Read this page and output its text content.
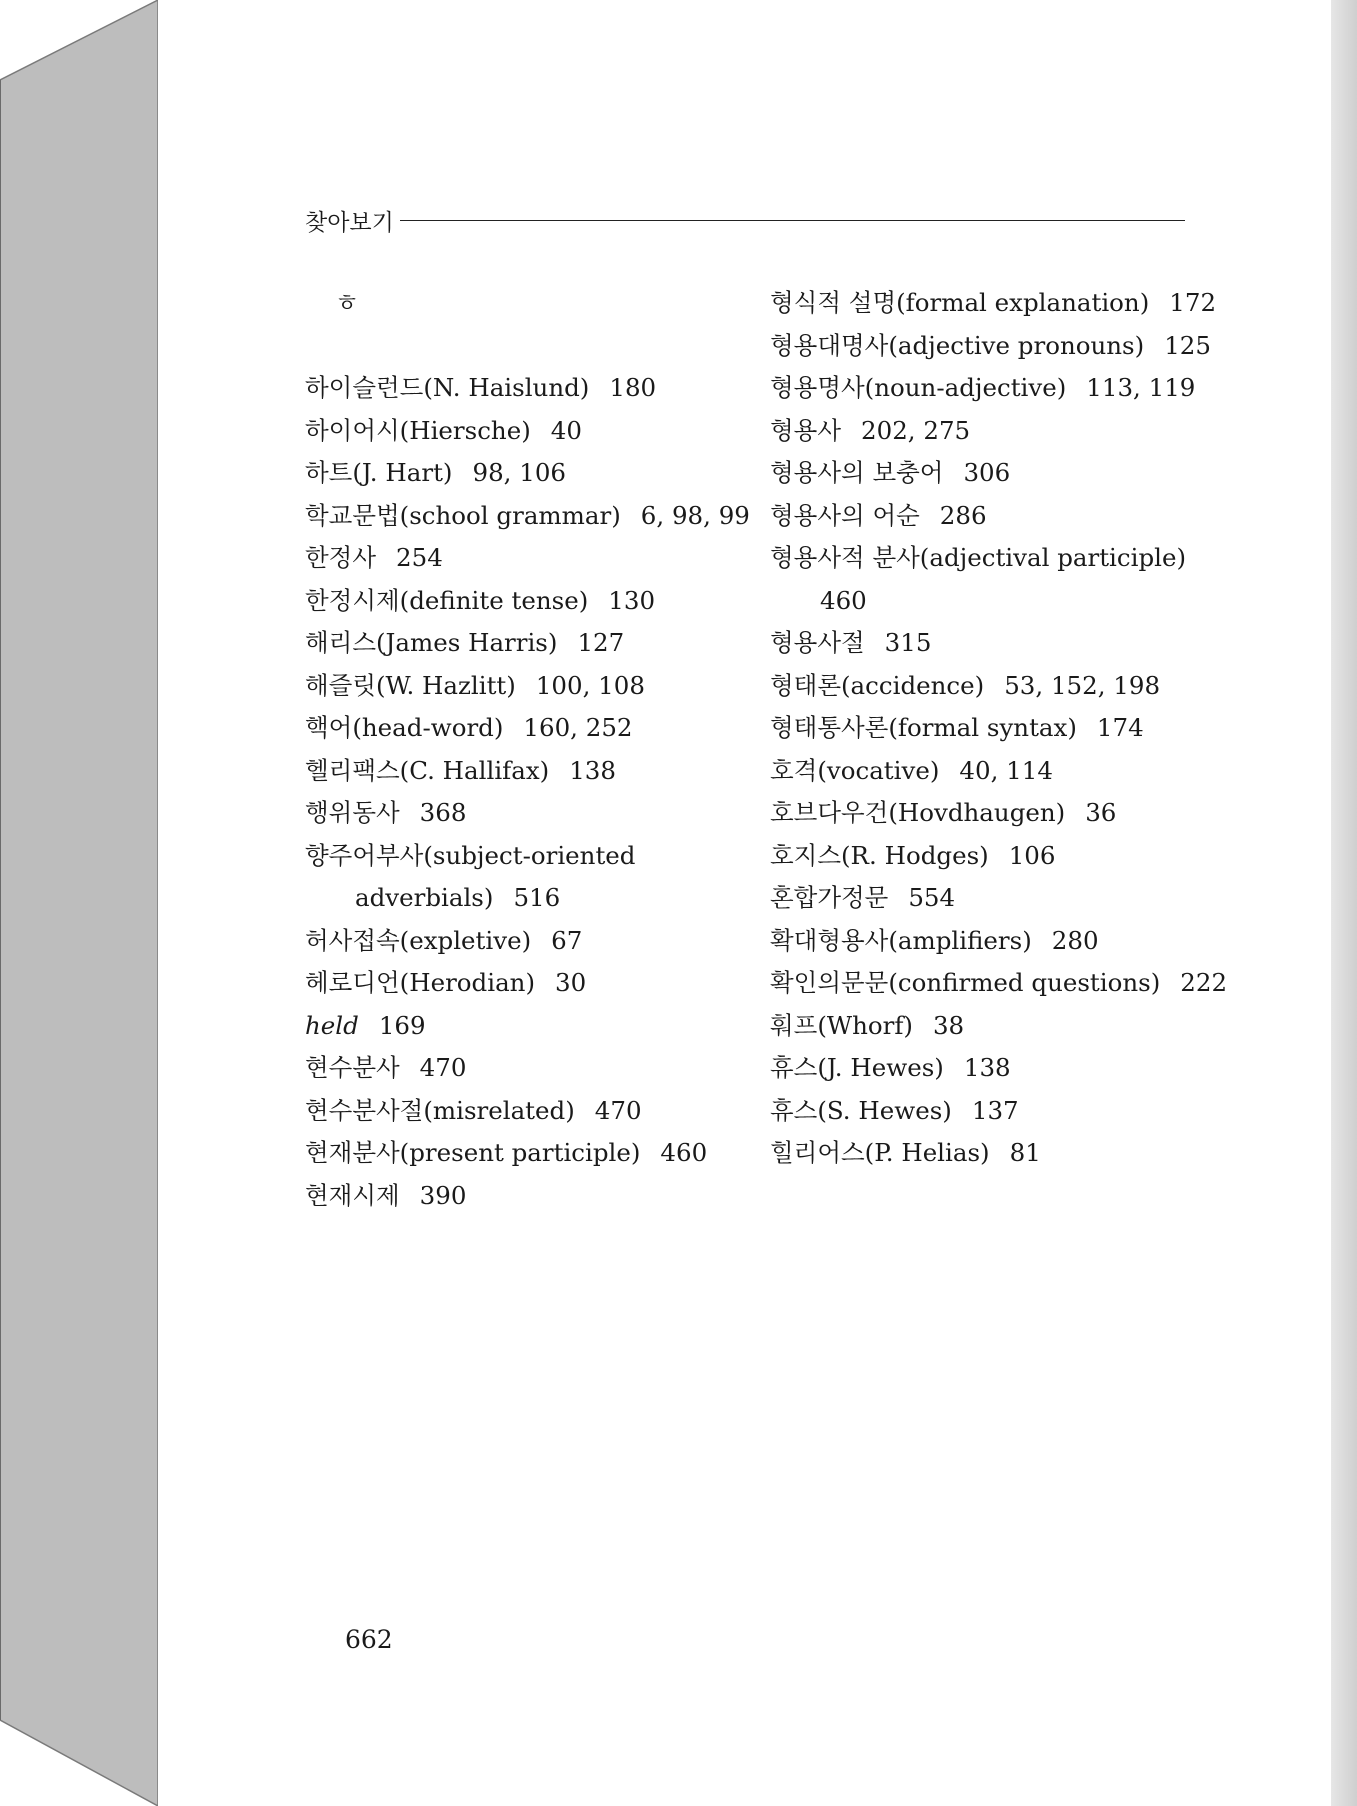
찾아보기
ㅎ
하이슬런드(N. Haislund) 180
하이어시(Hiersche) 40
하트(J. Hart) 98, 106
학교문법(school grammar) 6, 98, 99
한정사 254
한정시제(definite tense) 130
해리스(James Harris) 127
해즐릿(W. Hazlitt) 100, 108
핵어(head-word) 160, 252
헬리팩스(C. Hallifax) 138
행위동사 368
향주어부사(subject-oriented
adverbials) 516
허사접속(expletive) 67
헤로디언(Herodian) 30
held 169
현수분사 470
현수분사절(misrelated) 470
현재분사(present participle) 460
현재시제 390
형식적 설명(formal explanation) 172
형용대명사(adjective pronouns) 125
형용명사(noun-adjective) 113, 119
형용사 202, 275
형용사의 보충어 306
형용사의 어순 286
형용사적 분사(adjectival participle)
460
형용사절 315
형태론(accidence) 53, 152, 198
형태통사론(formal syntax) 174
호격(vocative) 40, 114
호브다우건(Hovdhaugen) 36
호지스(R. Hodges) 106
혼합가정문 554
확대형용사(amplifiers) 280
확인의문문(confirmed questions) 222
훠프(Whorf) 38
휴스(J. Hewes) 138
휴스(S. Hewes) 137
힐리어스(P. Helias) 81
662
